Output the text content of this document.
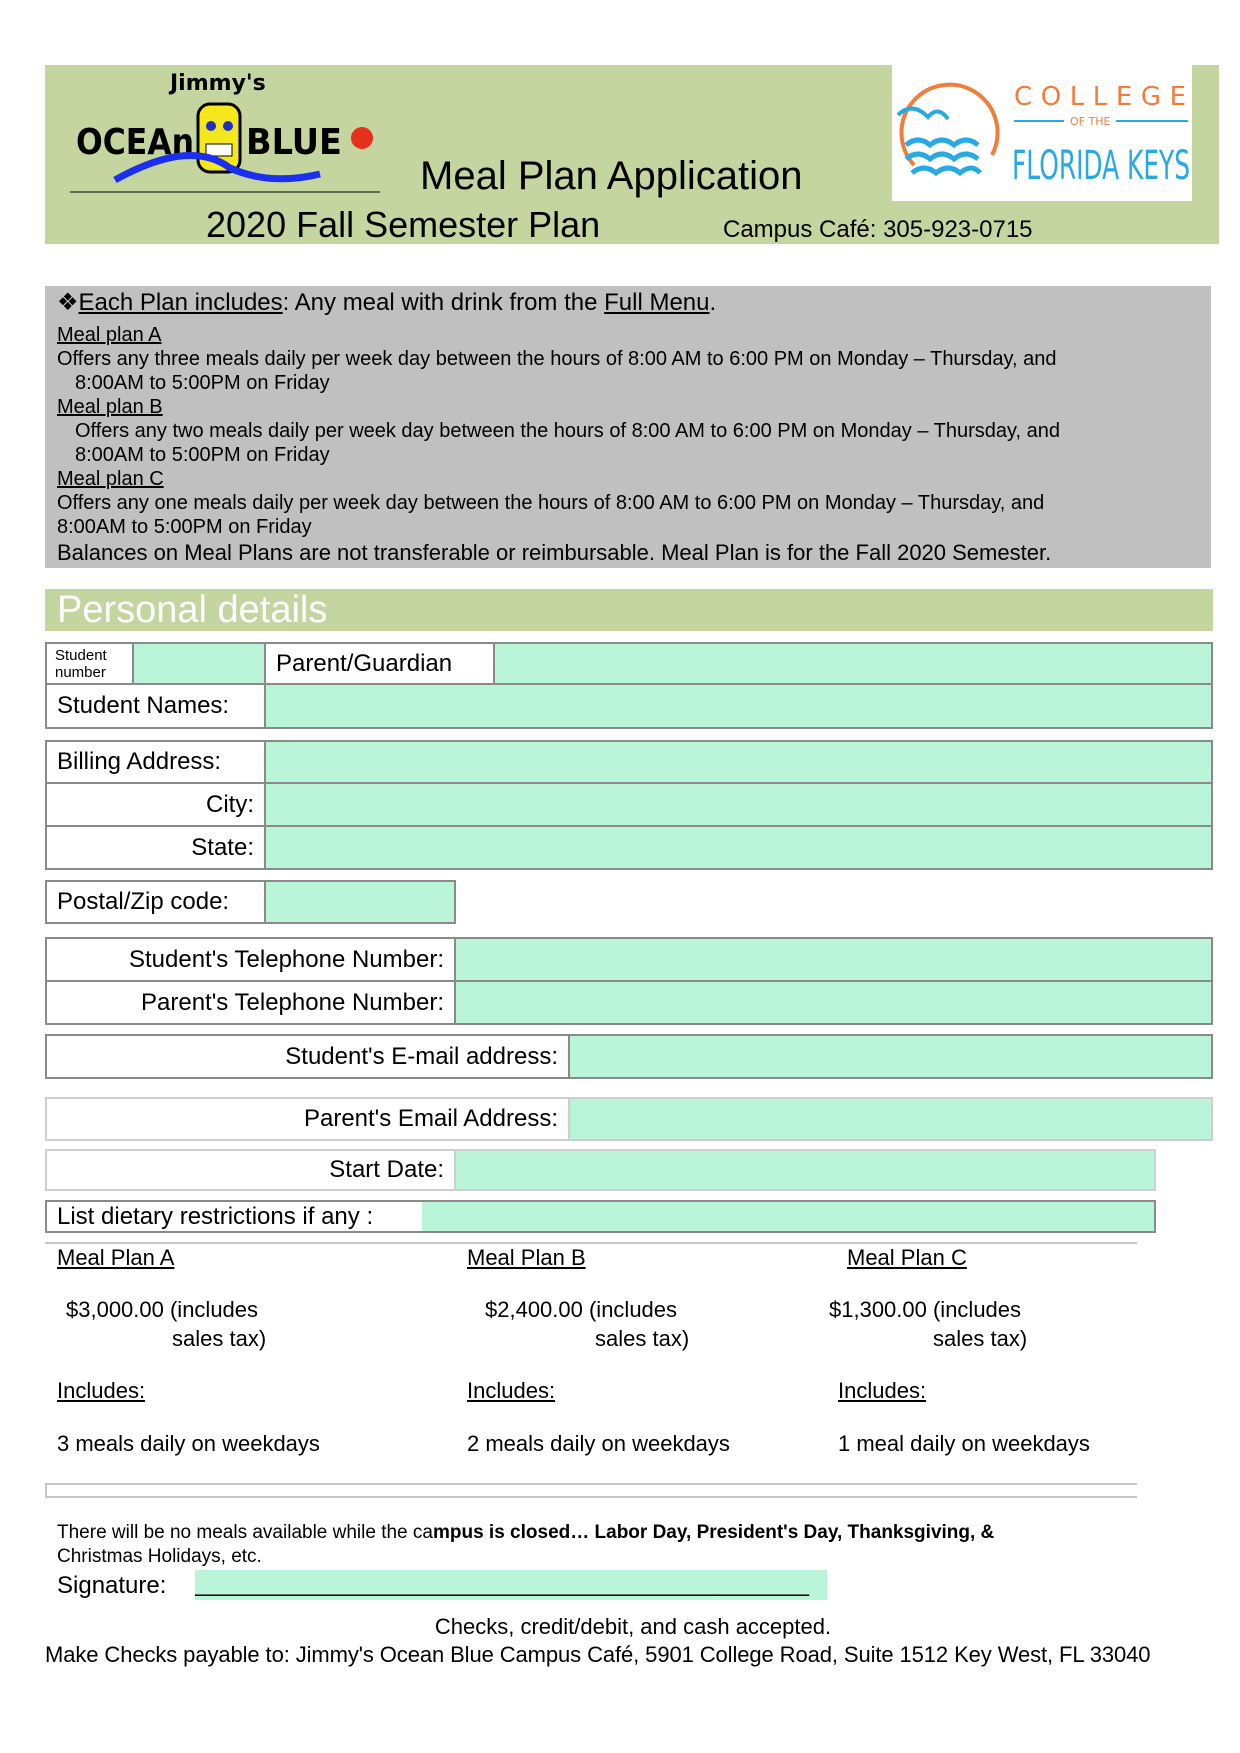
Jimmy's
OCEAn BLUE
COLLEGE
OF THE
FLORIDA KEYS
Meal Plan Application
2020 Fall Semester Plan	Campus Café: 305-923-0715
❖Each Plan includes: Any meal with drink from the Full Menu.
Meal plan A
Offers any three meals daily per week day between the hours of 8:00 AM to 6:00 PM on Monday – Thursday, and
8:00AM to 5:00PM on Friday
Meal plan B
Offers any two meals daily per week day between the hours of 8:00 AM to 6:00 PM on Monday – Thursday, and
8:00AM to 5:00PM on Friday
Meal plan C
Offers any one meals daily per week day between the hours of 8:00 AM to 6:00 PM on Monday – Thursday, and
8:00AM to 5:00PM on Friday
Balances on Meal Plans are not transferable or reimbursable. Meal Plan is for the Fall 2020 Semester.
Personal details
Student number	Parent/Guardian
Student Names:
Billing Address:
City:
State:
Postal/Zip code:
Student's Telephone Number:
Parent's Telephone Number:
Student's E-mail address:
Parent's Email Address:
Start Date:
List dietary restrictions if any :
Meal Plan A
$3,000.00 (includes
sales tax)
Includes:
3 meals daily on weekdays
Meal Plan B
$2,400.00 (includes
sales tax)
Includes:
2 meals daily on weekdays
Meal Plan C
$1,300.00 (includes
sales tax)
Includes:
1 meal daily on weekdays
There will be no meals available while the campus is closed… Labor Day, President's Day, Thanksgiving, &
Christmas Holidays, etc.
Signature: ______________________________________________
Checks, credit/debit, and cash accepted.
Make Checks payable to: Jimmy's Ocean Blue Campus Café, 5901 College Road, Suite 1512 Key West, FL 33040
